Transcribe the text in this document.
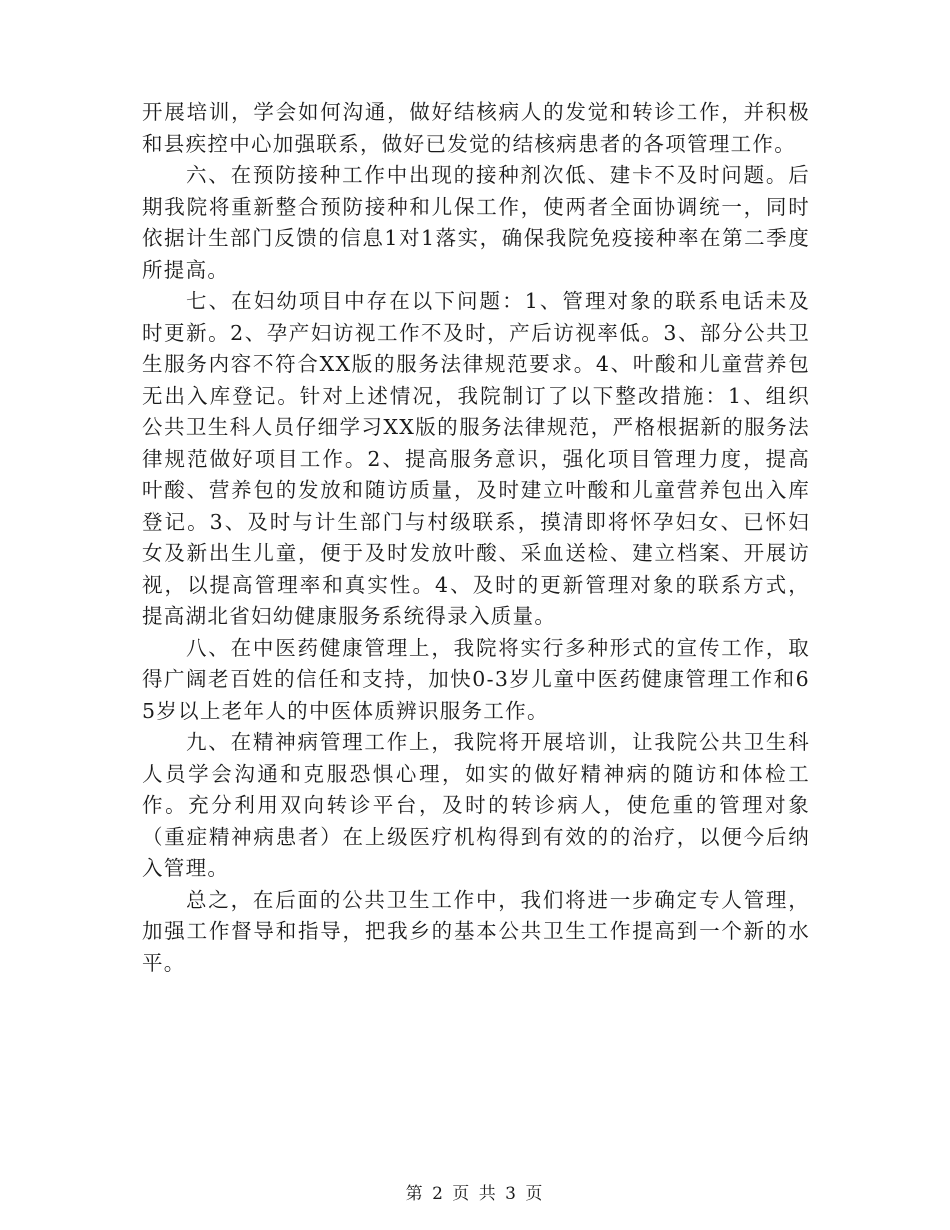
开展培训，学会如何沟通，做好结核病人的发觉和转诊工作，并积极和县疾控中心加强联系，做好已发觉的结核病患者的各项管理工作。

六、在预防接种工作中出现的接种剂次低、建卡不及时问题。后期我院将重新整合预防接种和儿保工作，使两者全面协调统一，同时依据计生部门反馈的信息1对1落实，确保我院免疫接种率在第二季度所提高。

七、在妇幼项目中存在以下问题：1、管理对象的联系电话未及时更新。2、孕产妇访视工作不及时，产后访视率低。3、部分公共卫生服务内容不符合XX版的服务法律规范要求。4、叶酸和儿童营养包无出入库登记。针对上述情况，我院制订了以下整改措施：1、组织公共卫生科人员仔细学习XX版的服务法律规范，严格根据新的服务法律规范做好项目工作。2、提高服务意识，强化项目管理力度，提高叶酸、营养包的发放和随访质量，及时建立叶酸和儿童营养包出入库登记。3、及时与计生部门与村级联系，摸清即将怀孕妇女、已怀妇女及新出生儿童，便于及时发放叶酸、采血送检、建立档案、开展访视，以提高管理率和真实性。4、及时的更新管理对象的联系方式，提高湖北省妇幼健康服务系统得录入质量。

八、在中医药健康管理上，我院将实行多种形式的宣传工作，取得广阔老百姓的信任和支持，加快0-3岁儿童中医药健康管理工作和65岁以上老年人的中医体质辨识服务工作。

九、在精神病管理工作上，我院将开展培训，让我院公共卫生科人员学会沟通和克服恐惧心理，如实的做好精神病的随访和体检工作。充分利用双向转诊平台，及时的转诊病人，使危重的管理对象（重症精神病患者）在上级医疗机构得到有效的的治疗，以便今后纳入管理。

总之，在后面的公共卫生工作中，我们将进一步确定专人管理，加强工作督导和指导，把我乡的基本公共卫生工作提高到一个新的水平。

第 2 页 共 3 页
